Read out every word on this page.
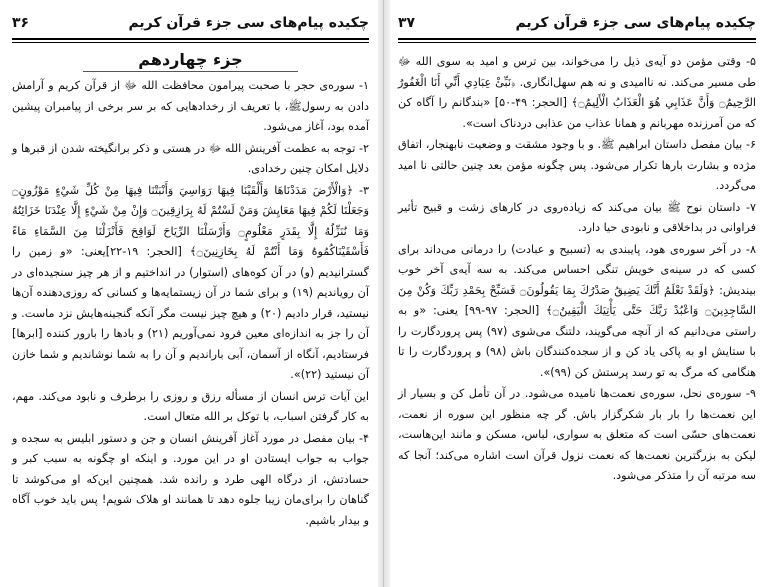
چکیده پیام‌های سی جزء قرآن کریم
۳۶
جزء چهاردهم

۱- سوره‌ی حجر با صحبت پیرامون محافظت الله ﷻ از قرآن کریم و آرامش دادن به رسول‌ﷺ، با تعریف از رخدادهایی که بر سر برخی از پیامبران پیشین آمده بود، آغاز می‌شود.

۲- توجه به عظمت آفرینش الله ﷻ در هستی و ذکر برانگیخته شدن از قبرها و دلایل امکان چنین رخدادی.

۳- ﴿وَالْأَرْضَ مَدَدْنَاهَا وَأَلْقَيْنَا فِيهَا رَوَاسِيَ وَأَنْبَتْنَا فِيهَا مِنْ كُلِّ شَيْءٍ مَوْزُونٍ۝ وَجَعَلْنَا لَكُمْ فِيهَا مَعَايِشَ وَمَنْ لَسْتُمْ لَهُ بِرَازِقِينَ۝ وَإِنْ مِنْ شَيْءٍ إِلَّا عِنْدَنَا خَزَائِنُهُ وَمَا نُنَزِّلُهُ إِلَّا بِقَدَرٍ مَعْلُومٍ۝ وَأَرْسَلْنَا الرِّيَاحَ لَوَاقِحَ فَأَنْزَلْنَا مِنَ السَّمَاءِ مَاءً فَأَسْقَيْنَاكُمُوهُ وَمَا أَنْتُمْ لَهُ بِخَازِنِينَ۝﴾ [الحجر: ١٩-٢٢]یعنی: «و زمین را گسترانیدیم (و) در آن کوه‌های (استوار) در انداختیم و از هر چیز سنجیده‌ای در آن رویاندیم (۱۹) و برای شما در آن زیستمایه‌ها و کسانی که روزی‌دهنده آن‌ها نیستید، قرار دادیم (۲۰) و هیچ چیز نیست مگر آنکه گنجینه‌هایش نزد ماست. و آن را جز به اندازه‌ای معین فرود نمی‌آوریم (۲۱) و بادها را بارور کننده [ابرها] فرستادیم، آنگاه از آسمان، آبی باراندیم و آن را به شما نوشاندیم و شما خازن آن نیستید (۲۲)».

این آیات ترس انسان از مسأله رزق و روزی را برطرف و نابود می‌کند. مهم، به کار گرفتن اسباب، با توکل بر الله متعال است.

۴- بیان مفصل در مورد آغاز آفرینش انسان و جن و دستور ابلیس به سجده و جواب به جواب ایستادن او در این مورد. و اینکه او چگونه به سبب کبر و حسادتش، از درگاه الهی طرد و رانده شد. همچنین این‌که او می‌کوشد تا گناهان را برای‌مان زیبا جلوه دهد تا همانند او هلاک شویم! پس باید خوب آگاه و بیدار باشیم.

چکیده پیام‌های سی جزء قرآن کریم
۳۷

۵- وقتی مؤمن دو آیه‌ی ذیل را می‌خواند، بین ترس و امید به سوی الله ﷻ طی مسیر می‌کند. نه ناامیدی و نه هم سهل‌انگاری. ﴿نَبِّئْ عِبَادِي أَنِّي أَنَا الْغَفُورُ الرَّحِيمُ۝ وَأَنَّ عَذَابِي هُوَ الْعَذَابُ الْأَلِيمُ۝﴾ [الحجر: ۴۹-۵۰] «بندگانم را آگاه کن که من آمرزنده مهربانم و همانا عذاب من عذابی دردناک است».

۶- بیان مفصل داستان ابراهیم ﷺ. و با وجود مشقت و وضعیت نابهنجار، اتفاق مژده و بشارت بارها تکرار می‌شود. پس چگونه مؤمن بعد چنین حالتی نا امید می‌گردد.

۷- داستان نوح ﷺ بیان می‌کند که زیاده‌روی در کارهای زشت و قبیح تأثیر فراوانی در بداخلاقی و نابودی حیا دارد.

۸- در آخر سوره‌ی هود، پایبندی به (تسبیح و عبادت) را درمانی می‌داند برای کسی که در سینه‌ی خویش تنگی احساس می‌کند. به سه آیه‌ی آخر خوب بیندیش: ﴿وَلَقَدْ نَعْلَمُ أَنَّكَ يَضِيقُ صَدْرُكَ بِمَا يَقُولُونَ۝ فَسَبِّحْ بِحَمْدِ رَبِّكَ وَكُنْ مِنَ السَّاجِدِينَ۝ وَاعْبُدْ رَبَّكَ حَتَّى يَأْتِيَكَ الْيَقِينُ۝﴾ [الحجر: ۹۷-۹۹] یعنی: «و به راستی می‌دانیم که از آنچه می‌گویند، دلتنگ می‌شوی (۹۷) پس پروردگارت را با ستایش او به پاکی یاد کن و از سجده‌کنندگان باش (۹۸) و پروردگارت را تا هنگامی که مرگ به تو رسد پرستش کن (۹۹)».

۹- سوره‌ی نحل، سوره‌ی نعمت‌ها نامیده می‌شود. در آن تأمل کن و بسیار از این نعمت‌ها را بار بار شکرگزار باش. گر چه منظور این سوره از نعمت، نعمت‌های حسّی است که متعلق به سواری، لباس، مسکن و مانند این‌هاست، لیکن به بزرگترین نعمت‌ها که نعمت نزول قرآن است اشاره می‌کند؛ آنجا که سه مرتبه آن را متذکر می‌شود.
